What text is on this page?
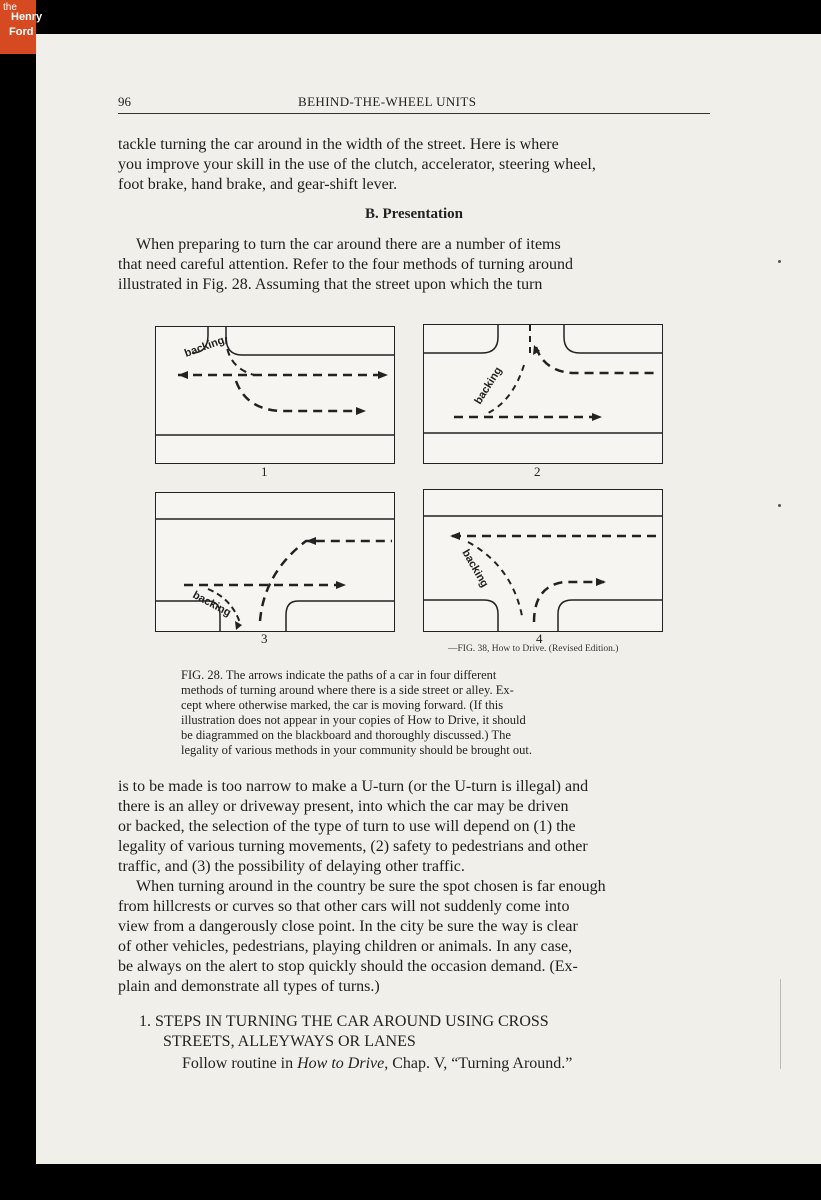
the
Henry
Ford
96	BEHIND-THE-WHEEL UNITS

tackle turning the car around in the width of the street. Here is where
you improve your skill in the use of the clutch, accelerator, steering wheel,
foot brake, hand brake, and gear-shift lever.

B. Presentation

When preparing to turn the car around there are a number of items
that need careful attention. Refer to the four methods of turning around
illustrated in Fig. 28. Assuming that the street upon which the turn

backing
1
backing
2
backing
3
backing
4
—FIG. 38, How to Drive. (Revised Edition.)

FIG. 28. The arrows indicate the paths of a car in four different
methods of turning around where there is a side street or alley. Ex-
cept where otherwise marked, the car is moving forward. (If this
illustration does not appear in your copies of How to Drive, it should
be diagrammed on the blackboard and thoroughly discussed.) The
legality of various methods in your community should be brought out.

is to be made is too narrow to make a U-turn (or the U-turn is illegal) and
there is an alley or driveway present, into which the car may be driven
or backed, the selection of the type of turn to use will depend on (1) the
legality of various turning movements, (2) safety to pedestrians and other
traffic, and (3) the possibility of delaying other traffic.
When turning around in the country be sure the spot chosen is far enough
from hillcrests or curves so that other cars will not suddenly come into
view from a dangerously close point. In the city be sure the way is clear
of other vehicles, pedestrians, playing children or animals. In any case,
be always on the alert to stop quickly should the occasion demand. (Ex-
plain and demonstrate all types of turns.)

1. STEPS IN TURNING THE CAR AROUND USING CROSS
STREETS, ALLEYWAYS OR LANES

Follow routine in How to Drive, Chap. V, “Turning Around.”
